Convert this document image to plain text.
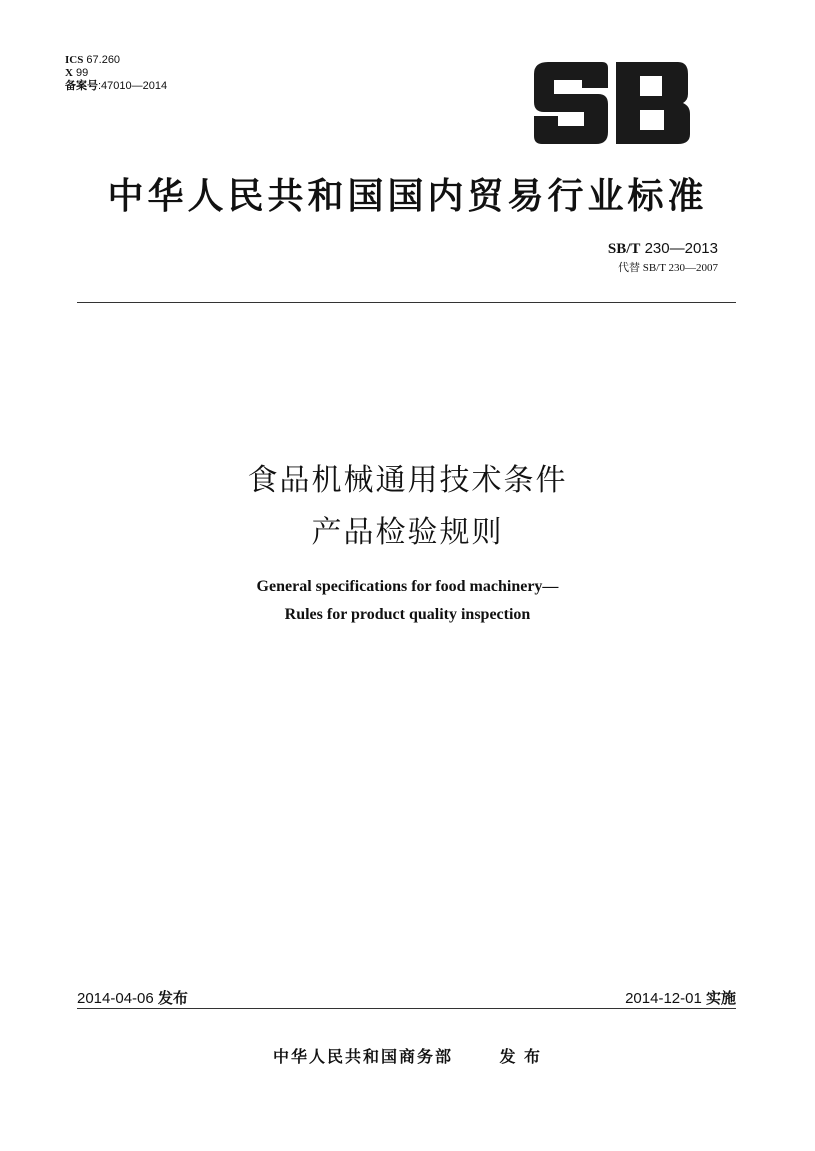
ICS 67.260
X 99
备案号:47010—2014
中华人民共和国国内贸易行业标准
SB/T 230—2013
代替 SB/T 230—2007
食品机械通用技术条件
产品检验规则
General specifications for food machinery—
Rules for product quality inspection
2014-04-06 发布	2014-12-01 实施
中华人民共和国商务部	发 布
